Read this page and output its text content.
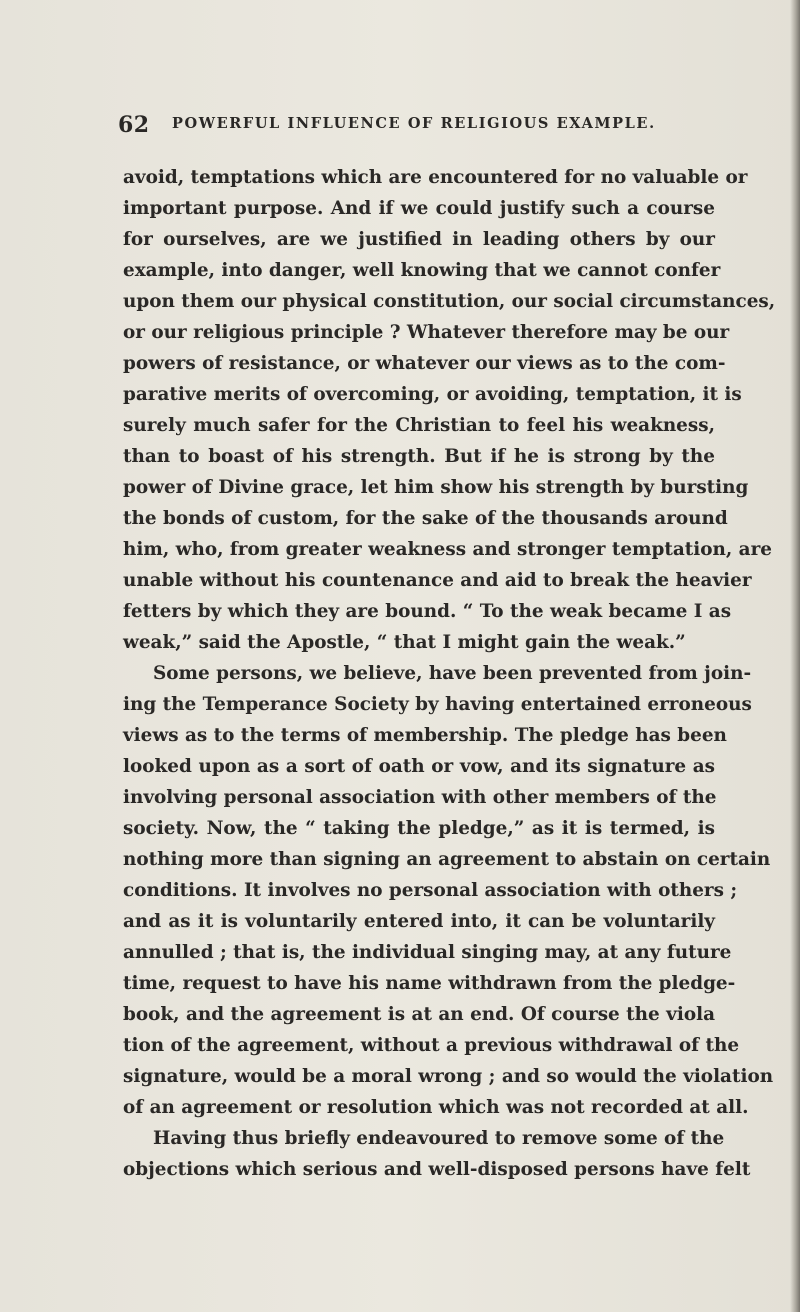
62 POWERFUL INFLUENCE OF RELIGIOUS EXAMPLE.
avoid, temptations which are encountered for no valuable or
important purpose. And if we could justify such a course
for ourselves, are we justified in leading others by our
example, into danger, well knowing that we cannot confer
upon them our physical constitution, our social circumstances,
or our religious principle ? Whatever therefore may be our
powers of resistance, or whatever our views as to the com-
parative merits of overcoming, or avoiding, temptation, it is
surely much safer for the Christian to feel his weakness,
than to boast of his strength. But if he is strong by the
power of Divine grace, let him show his strength by bursting
the bonds of custom, for the sake of the thousands around
him, who, from greater weakness and stronger temptation, are
unable without his countenance and aid to break the heavier
fetters by which they are bound. “ To the weak became I as
weak,” said the Apostle, “ that I might gain the weak.”
Some persons, we believe, have been prevented from join-
ing the Temperance Society by having entertained erroneous
views as to the terms of membership. The pledge has been
looked upon as a sort of oath or vow, and its signature as
involving personal association with other members of the
society. Now, the “ taking the pledge,” as it is termed, is
nothing more than signing an agreement to abstain on certain
conditions. It involves no personal association with others ;
and as it is voluntarily entered into, it can be voluntarily
annulled ; that is, the individual singing may, at any future
time, request to have his name withdrawn from the pledge-
book, and the agreement is at an end. Of course the viola
tion of the agreement, without a previous withdrawal of the
signature, would be a moral wrong ; and so would the violation
of an agreement or resolution which was not recorded at all.
Having thus briefly endeavoured to remove some of the
objections which serious and well-disposed persons have felt
